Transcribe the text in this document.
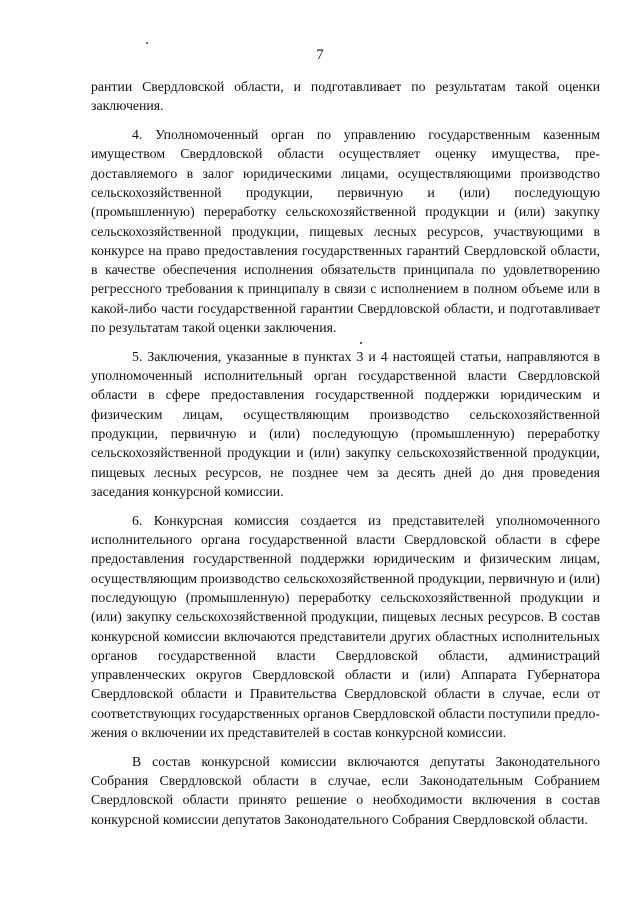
7

рантии Свердловской области, и подготавливает по результатам такой оценки заключения.

4. Уполномоченный орган по управлению государственным казенным имуществом Свердловской области осуществляет оценку имущества, предоставляемого в залог юридическими лицами, осуществляющими производство сельскохозяйственной продукции, первичную и (или) последующую (промышленную) переработку сельскохозяйственной продукции и (или) закупку сельскохозяйственной продукции, пищевых лесных ресурсов, участвующими в конкурсе на право предоставления государственных гарантий Свердловской области, в качестве обеспечения исполнения обязательств принципала по удовлетворению регрессного требования к принципалу в связи с исполнением в полном объеме или в какой-либо части государственной гарантии Свердловской области, и подготавливает по результатам такой оценки заключения.

5. Заключения, указанные в пунктах 3 и 4 настоящей статьи, направляются в уполномоченный исполнительный орган государственной власти Свердловской области в сфере предоставления государственной поддержки юридическим и физическим лицам, осуществляющим производство сельскохозяйственной продукции, первичную и (или) последующую (промышленную) переработку сельскохозяйственной продукции и (или) закупку сельскохозяйственной продукции, пищевых лесных ресурсов, не позднее чем за десять дней до дня проведения заседания конкурсной комиссии.

6. Конкурсная комиссия создается из представителей уполномоченного исполнительного органа государственной власти Свердловской области в сфере предоставления государственной поддержки юридическим и физическим лицам, осуществляющим производство сельскохозяйственной продукции, первичную и (или) последующую (промышленную) переработку сельскохозяйственной продукции и (или) закупку сельскохозяйственной продукции, пищевых лесных ресурсов. В состав конкурсной комиссии включаются представители других областных исполнительных органов государственной власти Свердловской области, администраций управленческих округов Свердловской области и (или) Аппарата Губернатора Свердловской области и Правительства Свердловской области в случае, если от соответствующих государственных органов Свердловской области поступили предложения о включении их представителей в состав конкурсной комиссии.

В состав конкурсной комиссии включаются депутаты Законодательного Собрания Свердловской области в случае, если Законодательным Собранием Свердловской области принято решение о необходимости включения в состав конкурсной комиссии депутатов Законодательного Собрания Свердловской области.
